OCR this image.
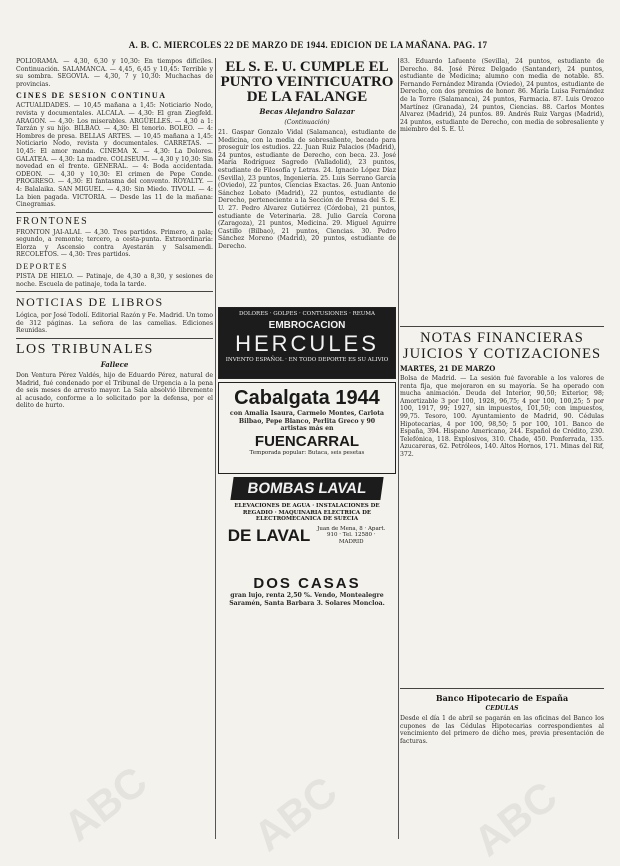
A. B. C. MIERCOLES 22 DE MARZO DE 1944. EDICION DE LA MAÑANA. PAG. 17

POLIORAMA. — 4,30, 6,30 y 10,30: En tiempos difíciles. Continuación. SALAMANCA. — 4,45, 6,45 y 10,45: Terrible y su sombra. SEGOVIA. — 4,30, 7 y 10,30: Muchachas de provincias.

CINES DE SESION CONTINUA

ACTUALIDADES. — 10,45 mañana a 1,45: Noticiario Nodo, revista y documentales. ALCALA. — 4,30: El gran Ziegfeld. ARAGON. — 4,30: Los miserables. ARGÜELLES. — 4,30 a 1: Tarzán y su hijo. BILBAO. — 4,30: El tenorio. BOLEO. — 4: Hombres de presa. BELLAS ARTES. — 10,45 mañana a 1,45: Noticiario Nodo, revista y documentales. CARRETAS. — 10,45: El amor manda. CINEMA X. — 4,30: La Dolores. GALATEA. — 4,30: La madre. COLISEUM. — 4,30 y 10,30: Sin novedad en el frente. GENERAL. — 4: Boda accidentada. ODEON. — 4,30 y 10,30: El crimen de Pepe Conde. PROGRESO. — 4,30: El fantasma del convento. ROYALTY. — 4: Balalaika. SAN MIGUEL. — 4,30: Sin Miedo. TIVOLI. — 4: La bien pagada. VICTORIA. — Desde las 11 de la mañana: Cinegramas.

FRONTONES

FRONTON JAI-ALAI. — 4,30. Tres partidos. Primero, a pala; segundo, a remonte; tercero, a cesta-punta. Extraordinaria: Elorza y Ascensio contra Ayestarán y Salsamendi. RECOLETOS. — 4,30: Tres partidos.

DEPORTES

PISTA DE HIELO. — Patinaje, de 4,30 a 8,30, y sesiones de noche. Escuela de patinaje, toda la tarde.

NOTICIAS DE LIBROS

Lógica, por José Todolí. Editorial Razón y Fe. Madrid. Un tomo de 312 páginas. La señora de las camelias. Ediciones Reunidas.

LOS TRIBUNALES
Fallece

Don Ventura Pérez Valdés, hijo de Eduardo Pérez, natural de Madrid, fué condenado por el Tribunal de Urgencia a la pena de seis meses de arresto mayor. La Sala absolvió libremente al acusado, conforme a lo solicitado por la defensa, por el delito de hurto.

EL S. E. U. CUMPLE EL PUNTO VEINTICUATRO DE LA FALANGE
Becas Alejandro Salazar
(Continuación)

21. Gaspar Gonzalo Vidal (Salamanca), estudiante de Medicina, con la media de sobresaliente, becado para proseguir los estudios. 22. Juan Ruiz Palacios (Madrid), 24 puntos, estudiante de Derecho, con beca. 23. José María Rodríguez Sagredo (Valladolid), 23 puntos, estudiante de Filosofía y Letras. 24. Ignacio López Díaz (Sevilla), 23 puntos, Ingeniería. 25. Luis Serrano García (Oviedo), 22 puntos, Ciencias Exactas. 26. Juan Antonio Sánchez Lobato (Madrid), 22 puntos, estudiante de Derecho, perteneciente a la Sección de Prensa del S. E. U. 27. Pedro Alvarez Gutiérrez (Córdoba), 21 puntos, estudiante de Veterinaria. 28. Julio García Corona (Zaragoza), 21 puntos, Medicina. 29. Miguel Aguirre Castillo (Bilbao), 21 puntos, Ciencias. 30. Pedro Sánchez Moreno (Madrid), 20 puntos, estudiante de Derecho.

DOLORES · GOLPES · CONTUSIONES · REUMA
EMBROCACION
HERCULES
INVENTO ESPAÑOL · EN TODO DEPORTE ES SU ALIVIO
Cabalgata 1944
con Amalia Isaura, Carmelo Montes, Carlota Bilbao, Pepe Blanco, Perlita Greco y 90 artistas más en
FUENCARRAL
Temporada popular: Butaca, seis pesetas
BOMBAS LAVAL
ELEVACIONES DE AGUA · INSTALACIONES DE REGADIO · MAQUINARIA ELECTRICA DE ELECTROMECANICA DE SUECIA
DE LAVAL Juan de Mena, 8 · Apart. 910 · Tel. 12580 · MADRID
DOS CASAS
gran lujo, renta 2,50 %. Vendo, Montealegre Saramén, Santa Barbara 3. Solares Moncloa.

83. Eduardo Lafuente (Sevilla), 24 puntos, estudiante de Derecho. 84. José Pérez Delgado (Santander), 24 puntos, estudiante de Medicina; alumno con media de notable. 85. Fernando Fernández Miranda (Oviedo), 24 puntos, estudiante de Derecho, con dos premios de honor. 86. María Luisa Fernández de la Torre (Salamanca), 24 puntos, Farmacia. 87. Luis Orozco Martínez (Granada), 24 puntos, Ciencias. 88. Carlos Montes Alvarez (Madrid), 24 puntos. 89. Andrés Ruiz Vargas (Madrid), 24 puntos, estudiante de Derecho, con media de sobresaliente y miembro del S. E. U.

NOTAS FINANCIERAS JUICIOS Y COTIZACIONES
MARTES, 21 DE MARZO

Bolsa de Madrid. — La sesión fué favorable a los valores de renta fija, que mejoraron en su mayoría. Se ha operado con mucha animación. Deuda del Interior, 90,50; Exterior, 98; Amortizable 3 por 100, 1928, 96,75; 4 por 100, 100,25; 5 por 100, 1917, 99; 1927, sin impuestos, 101,50; con impuestos, 99,75. Tesoro, 100. Ayuntamiento de Madrid, 90. Cédulas Hipotecarias, 4 por 100, 98,50; 5 por 100, 101. Banco de España, 394. Hispano Americano, 244. Español de Crédito, 230. Telefónica, 118. Explosivos, 310. Chade, 450. Ponferrada, 135. Azucareras, 62. Petróleos, 140. Altos Hornos, 171. Minas del Rif, 372.

Banco Hipotecario de España
CEDULAS

Desde el día 1 de abril se pagarán en las oficinas del Banco los cupones de las Cédulas Hipotecarias correspondientes al vencimiento del primero de dicho mes, previa presentación de facturas.

ABC ABC	ABC
